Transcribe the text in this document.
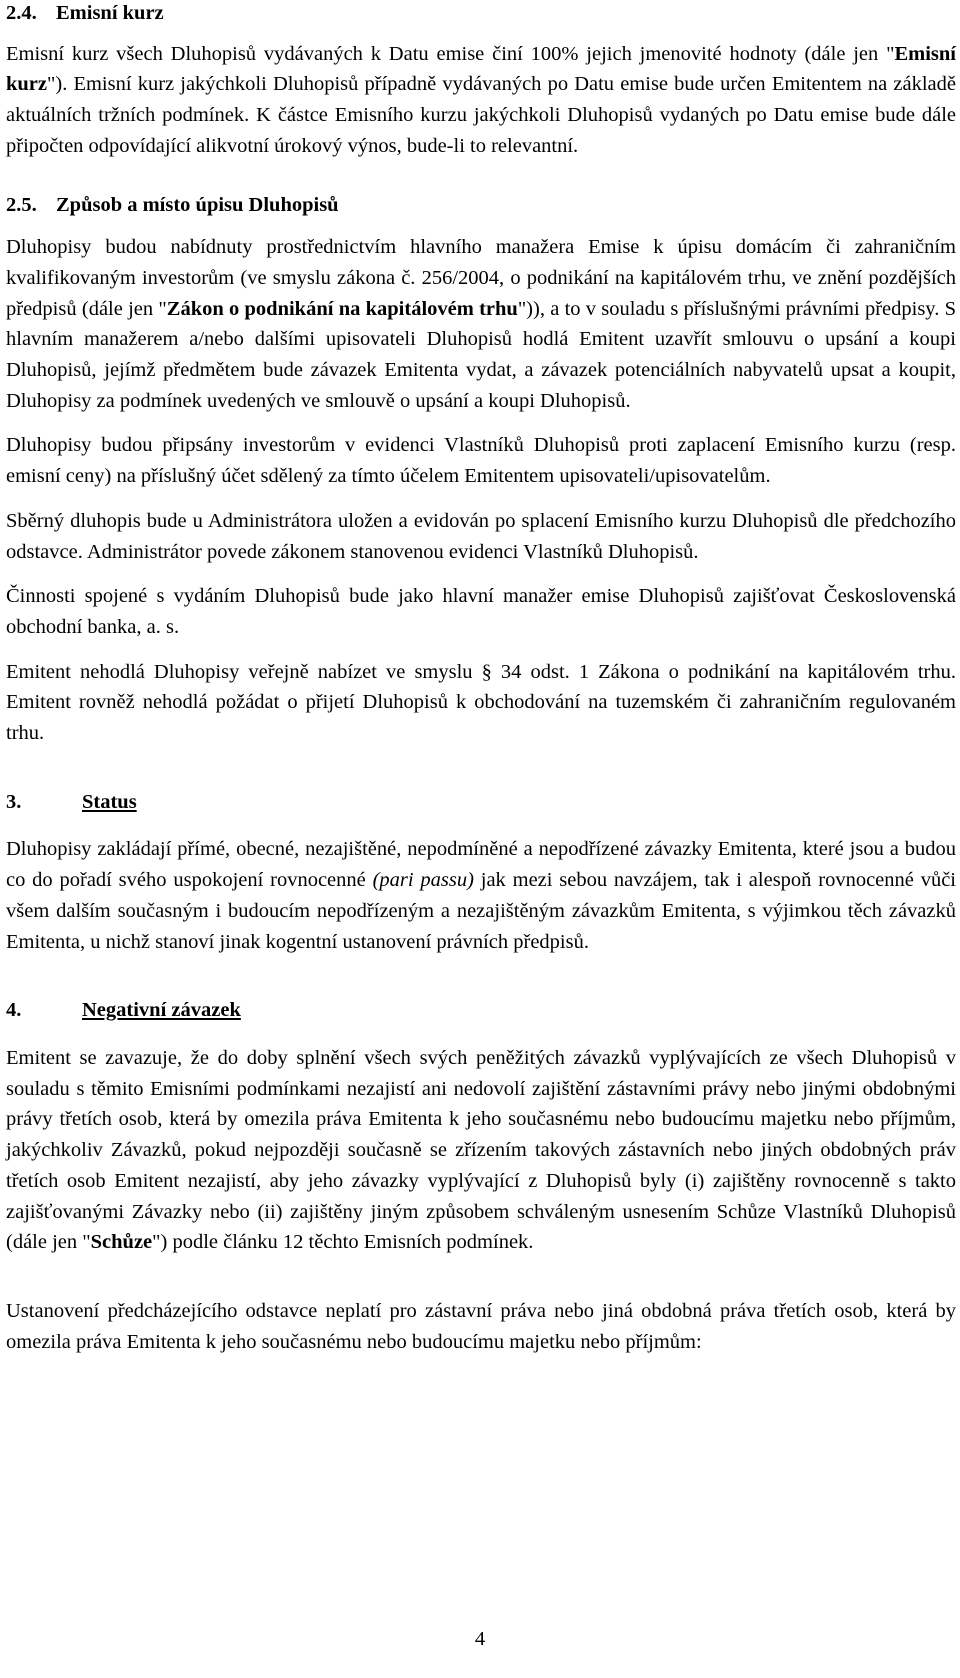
2.4. Emisní kurz

Emisní kurz všech Dluhopisů vydávaných k Datu emise činí 100% jejich jmenovité hodnoty (dále jen "Emisní kurz"). Emisní kurz jakýchkoli Dluhopisů případně vydávaných po Datu emise bude určen Emitentem na základě aktuálních tržních podmínek. K částce Emisního kurzu jakýchkoli Dluhopisů vydaných po Datu emise bude dále připočten odpovídající alikvotní úrokový výnos, bude-li to relevantní.

2.5. Způsob a místo úpisu Dluhopisů

Dluhopisy budou nabídnuty prostřednictvím hlavního manažera Emise k úpisu domácím či zahraničním kvalifikovaným investorům (ve smyslu zákona č. 256/2004, o podnikání na kapitálovém trhu, ve znění pozdějších předpisů (dále jen "Zákon o podnikání na kapitálovém trhu")), a to v souladu s příslušnými právními předpisy. S hlavním manažerem a/nebo dalšími upisovateli Dluhopisů hodlá Emitent uzavřít smlouvu o upsání a koupi Dluhopisů, jejímž předmětem bude závazek Emitenta vydat, a závazek potenciálních nabyvatelů upsat a koupit, Dluhopisy za podmínek uvedených ve smlouvě o upsání a koupi Dluhopisů.

Dluhopisy budou připsány investorům v evidenci Vlastníků Dluhopisů proti zaplacení Emisního kurzu (resp. emisní ceny) na příslušný účet sdělený za tímto účelem Emitentem upisovateli/upisovatelům.

Sběrný dluhopis bude u Administrátora uložen a evidován po splacení Emisního kurzu Dluhopisů dle předchozího odstavce. Administrátor povede zákonem stanovenou evidenci Vlastníků Dluhopisů.

Činnosti spojené s vydáním Dluhopisů bude jako hlavní manažer emise Dluhopisů zajišťovat Československá obchodní banka, a. s.

Emitent nehodlá Dluhopisy veřejně nabízet ve smyslu § 34 odst. 1 Zákona o podnikání na kapitálovém trhu. Emitent rovněž nehodlá požádat o přijetí Dluhopisů k obchodování na tuzemském či zahraničním regulovaném trhu.

3.	Status

Dluhopisy zakládají přímé, obecné, nezajištěné, nepodmíněné a nepodřízené závazky Emitenta, které jsou a budou co do pořadí svého uspokojení rovnocenné (pari passu) jak mezi sebou navzájem, tak i alespoň rovnocenné vůči všem dalším současným i budoucím nepodřízeným a nezajištěným závazkům Emitenta, s výjimkou těch závazků Emitenta, u nichž stanoví jinak kogentní ustanovení právních předpisů.

4.	Negativní závazek

Emitent se zavazuje, že do doby splnění všech svých peněžitých závazků vyplývajících ze všech Dluhopisů v souladu s těmito Emisními podmínkami nezajistí ani nedovolí zajištění zástavními právy nebo jinými obdobnými právy třetích osob, která by omezila práva Emitenta k jeho současnému nebo budoucímu majetku nebo příjmům, jakýchkoliv Závazků, pokud nejpozději současně se zřízením takových zástavních nebo jiných obdobných práv třetích osob Emitent nezajistí, aby jeho závazky vyplývající z Dluhopisů byly (i) zajištěny rovnocenně s takto zajišťovanými Závazky nebo (ii) zajištěny jiným způsobem schváleným usnesením Schůze Vlastníků Dluhopisů (dále jen "Schůze") podle článku 12 těchto Emisních podmínek.

Ustanovení předcházejícího odstavce neplatí pro zástavní práva nebo jiná obdobná práva třetích osob, která by omezila práva Emitenta k jeho současnému nebo budoucímu majetku nebo příjmům:

4
